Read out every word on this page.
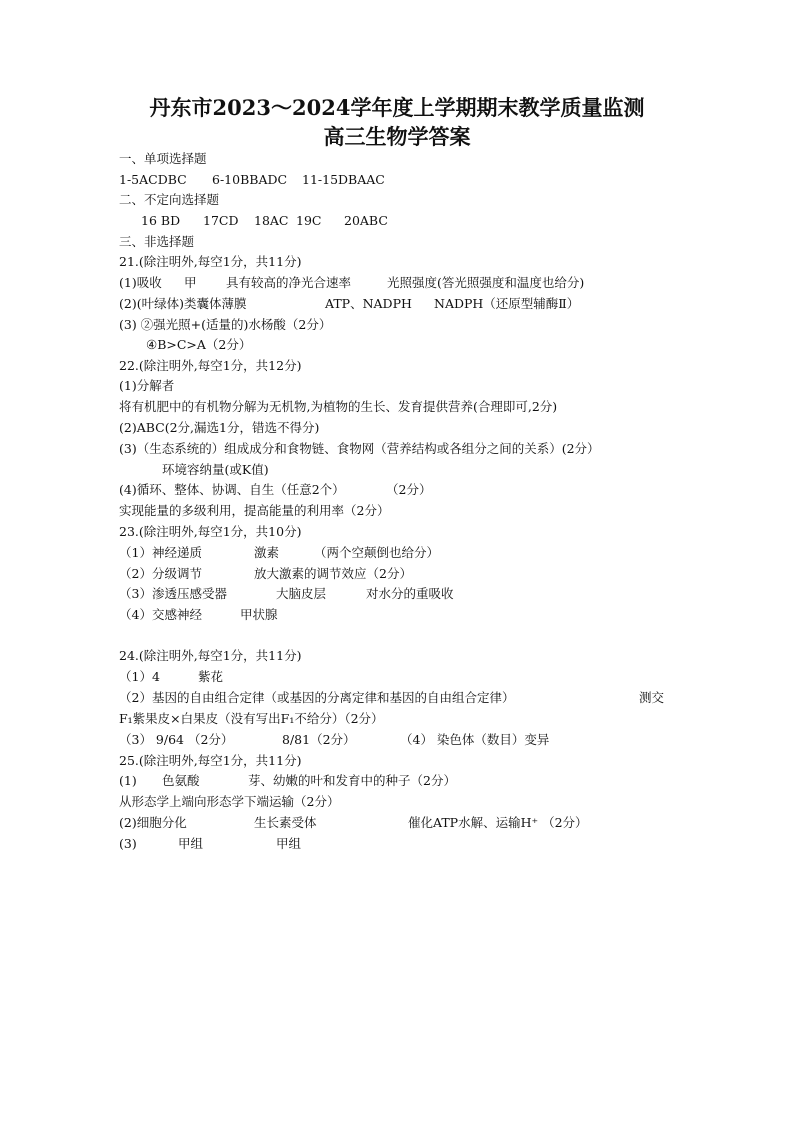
丹东市2023～2024学年度上学期期末教学质量监测
高三生物学答案
一、单项选择题
1-5ACDBC 6-10BBADC 11-15DBAAC
二、不定向选择题
16 BD 17CD 18AC 19C 20ABC
三、非选择题
21.(除注明外,每空1分，共11分)
(1)吸收 甲 具有较高的净光合速率	光照强度(答光照强度和温度也给分)
(2)(叶绿体)类囊体薄膜	ATP、NADPH NADPH（还原型辅酶Ⅱ）
(3) ②强光照+(适量的)水杨酸（2分）
④B>C>A（2分）
22.(除注明外,每空1分，共12分)
(1)分解者
将有机肥中的有机物分解为无机物,为植物的生长、发育提供营养(合理即可,2分)
(2)ABC(2分,漏选1分，错选不得分)
(3)（生态系统的）组成成分和食物链、食物网（营养结构或各组分之间的关系）(2分）
环境容纳量(或K值)
(4)循环、整体、协调、自生（任意2个）	（2分）
实现能量的多级利用，提高能量的利用率（2分）
23.(除注明外,每空1分，共10分)
（1）神经递质	激素	（两个空颠倒也给分）
（2）分级调节	放大激素的调节效应（2分）
（3）渗透压感受器	大脑皮层	对水分的重吸收
（4）交感神经	甲状腺
24.(除注明外,每空1分，共11分)
（1）4	紫花
（2）基因的自由组合定律（或基因的分离定律和基因的自由组合定律）	测交
F₁紫果皮×白果皮（没有写出F₁不给分）（2分）
（3） 9/64 （2分）	8/81（2分）	（4） 染色体（数目）变异
25.(除注明外,每空1分，共11分)
(1) 色氨酸	芽、幼嫩的叶和发育中的种子（2分）
从形态学上端向形态学下端运输（2分）
(2)细胞分化	生长素受体	催化ATP水解、运输H⁺ （2分）
(3)	甲组	甲组
